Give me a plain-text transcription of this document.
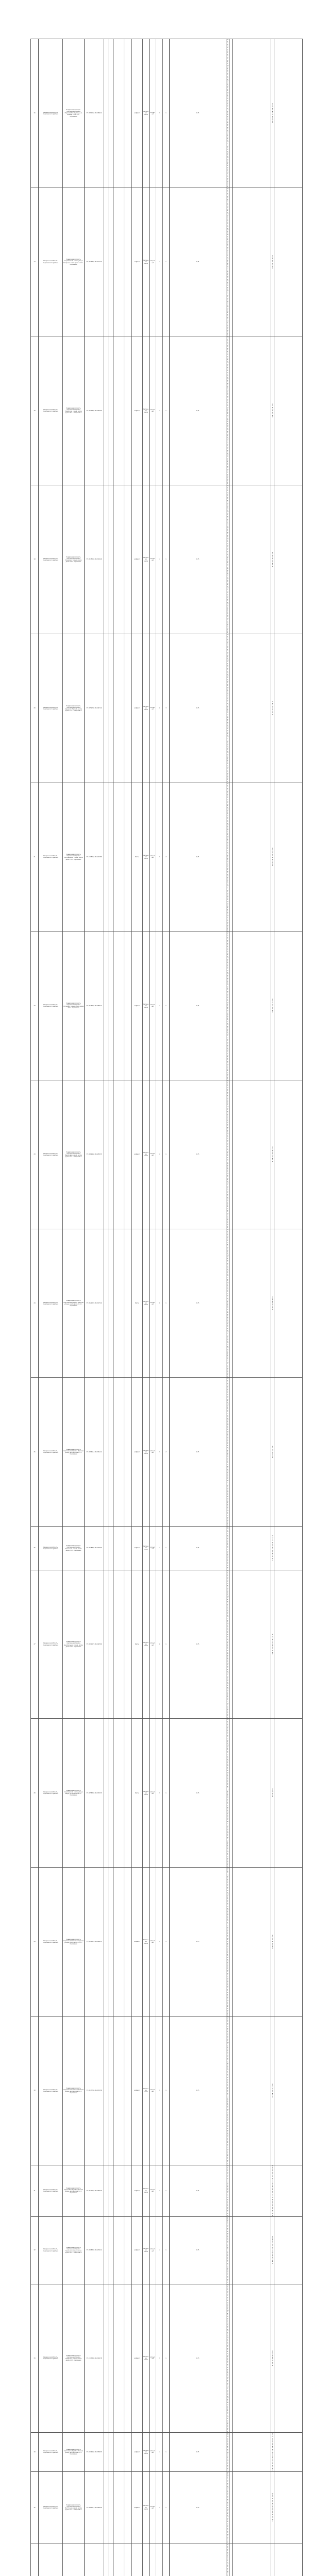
16	Ревдинская область Сергиевского района	Ревдинская область Сергиевский район Первомайская улица, на въезде в п.Ф. п.г. Сергиевск	55.908056, 46.048611					асфальт	Бетонная плита	открытый	2	1	0,75	Муниципальное образование «Сергиевский муниципальный район» Ревдинская область, р.п. Сергиевск, ул. 60 лет Октября, д. 12			ул. Первомайская	
17	Ревдинская область Сергиевского района	Ревдинская область Сергиевский район улица Гагарина возле дома 13 п.г. Сергиевск	55.903333, 46.012222					асфальт	Бетонная плита	открытый	1	1	0,75	Муниципальное образование «Сергиевский муниципальный район» Ревдинская область, р.п. Сергиевск, ул. 60 лет Октября, д. 12			ул. Гагарина	
18	Ревдинская область Сергиевского района	Ревдинская область Сергиевский район Рязанская улица, возле дома 15 п.г. Сергиевск	55.901389, 46.025000					асфальт	Бетонная плита	открытый	1	1	0,75	Муниципальное образование «Сергиевский муниципальный район» Ревдинская область, р.п. Сергиевск, ул. 60 лет Октября, д. 12			ул. Рязанская	
19	Ревдинская область Сергиевского района	Ревдинская область Сергиевский район Кленовая улица, возле дома 2 п.г. Сергиевск	55.907500, 46.031944					асфальт	Бетонная плита	открытый	1	1	0,75	Муниципальное образование «Сергиевский муниципальный район» Ревдинская область, р.п. Сергиевск, ул. 60 лет Октября, д. 12			ул. Кленовая	
20	Ревдинская область Сергиевского района	Ревдинская область Сергиевский район переулок Лесной, возле дома 17 п.г. Сергиевск	55.905278, 46.044722					асфальт	Бетонная плита	открытый	4	3	0,75	Муниципальное образование «Сергиевский муниципальный район» Ревдинская область, р.п. Сергиевск, ул. 60 лет Октября, д. 12			пер. Лесной	
21	Ревдинская область Сергиевского района	Ревдинская область Сергиевский район Молодежная улица, возле дома 7 п.г. Сергиевск	55.910556, 46.021389					бетон	Бетонная плита	открытый	2	2	0,75	Муниципальное образование «Сергиевский муниципальный район» Ревдинская область, р.п. Сергиевск, ул. 60 лет Октября, д. 12			ул. Молодежная	
22	Ревдинская область Сергиевского района	Ревдинская область Сергиевский район Сосновая улица, возле дома 3 п.г. Сергиевск	55.904444, 46.038611					асфальт	Бетонная плита	открытый	1	1	0,75	Муниципальное образование «Сергиевский муниципальный район» Ревдинская область, р.п. Сергиевск, ул. 60 лет Октября, д. 12			ул. Сосновая	
23	Ревдинская область Сергиевского района	Ревдинская область Сергиевский район Березовая улица, возле дома 11 п.г. Сергиевск	55.906944, 46.028333					асфальт	Бетонная плита	открытый	5	1	0,75	Муниципальное образование «Сергиевский муниципальный район» Ревдинская область, р.п. Сергиевск, ул. 60 лет Октября, д. 12			ул. Березовая	
24	Ревдинская область Сергиевского района	Ревдинская область Сергиевский район Рабочая улица, возле дома 21 п.г. Сергиевск	55.902222, 46.019722					бетон	Бетонная плита	открытый	4	1	0,75	Муниципальное образование «Сергиевский муниципальный район» Ревдинская область, р.п. Сергиевск, ул. 60 лет Октября, д. 12			ул. Рабочая	
25	Ревдинская область Сергиевского района	Ревдинская область Сергиевский район Луговая улица, возле дома 1 п.г. Сергиевск	55.908611, 46.036111					асфальт	Бетонная плита	открытый	2	2	0,75	Муниципальное образование «Сергиевский муниципальный район» Ревдинская область, р.п. Сергиевск, ул. 60 лет Октября, д. 12			ул. Луговая	
26	Ревдинская область Сергиевского района	Ревдинская область Сергиевский район Школьная улица, возле дома 2 п.г. Сергиевск	55.903889, 46.027500					асфальт	Бетонная плита	открытый	1	1	0,75	ИП «Наименование предприятия»			ИП «Наименование»	
27	Ревдинская область Сергиевского района	Ревдинская область Сергиевский район Центральная улица, возле дома 5 п.г. Сергиевск	55.909167, 46.042500					бетон	Бетонная плита	открытый	4	1	0,75	Муниципальное образование «Сергиевский муниципальный район» Ревдинская область, р.п. Сергиевск, ул. 60 лет Октября, д. 12			ул. Центральная	
28	Ревдинская область Сергиевского района	Ревдинская область Сергиевский район улица Мира, возле дома 8 п.г. Сергиевск	55.905833, 46.033333					бетон	Бетонная плита	открытый	2	1	0,75	Муниципальное образование «Сергиевский муниципальный район» Ревдинская область, р.п. Сергиевск, ул. 60 лет Октября, д. 12			ул. Мира	
29	Ревдинская область Сергиевского района	Ревдинская область Сергиевский район Садовая улица, возле дома 14 п.г. Сергиевск	55.901111, 46.040833					асфальт	Бетонная плита	открытый	1	1	0,75	Муниципальное образование «Сергиевский муниципальный район» Ревдинская область, р.п. Сергиевск, ул. 60 лет Октября, д. 12			ул. Садовая	
30	Ревдинская область Сергиевского района	Ревдинская область Сергиевский район Полевая улица, возле дома 9 п.г. Сергиевск	55.907778, 46.015556					асфальт	Бетонная плита	открытый	2	1	0,75	Муниципальное образование «Сергиевский муниципальный район» Ревдинская область, р.п. Сергиевск, ул. 60 лет Октября, д. 12			ул. Полевая	
31	Ревдинская область Сергиевского района	Ревдинская область Сергиевский район Речная улица, возле дома 3 п.г. Сергиевск	55.904722, 46.046944					асфальт	Бетонная плита	открытый	1	1	0,75	Муниципальное бюджетное учреждение			Муниципальное бюджетное учреждение	
32	Ревдинская область Сергиевского района	Ревдинская область Сергиевский район Заречная улица, возле дома 10 п.г. Сергиевск	55.900833, 46.023611					асфальт	Бетонная плита	открытый	1	1	0,75	ГБУЗ «Сергиевская центральная районная больница»			ГБУЗ «Сергиевская ЦРБ»	
33	Ревдинская область Сергиевского района	Ревдинская область Сергиевский район Северная улица, возле дома 6 п.г. Сергиевск	55.911389, 46.030278					асфальт	Бетонная плита	открытый	2	1	0,75	Муниципальное образование «Сергиевский муниципальный район» Ревдинская область, р.п. Сергиевск, ул. 60 лет Октября, д. 12			ул. Северная	
34	Ревдинская область Сергиевского района	Ревдинская область Сергиевский район Южная улица, возле дома 4 п.г. Сергиевск	55.899444, 46.035833					асфальт	Бетонная плита	открытый	1	1	0,75	ООО «Управляющая компания»			ООО «Управляющая компания»	
35	Ревдинская область Сергиевского района	Ревдинская область Сергиевский район Восточная улица, возле дома 12 п.г. Сергиевск	55.906111, 46.049444					асфальт	Бетонная плита	открытый	1	1	0,75	МБОУ «Сергиевская средняя общеобразовательная школа»			МБОУ «Сергиевская СОШ»	
														Индивидуальный предпр				
